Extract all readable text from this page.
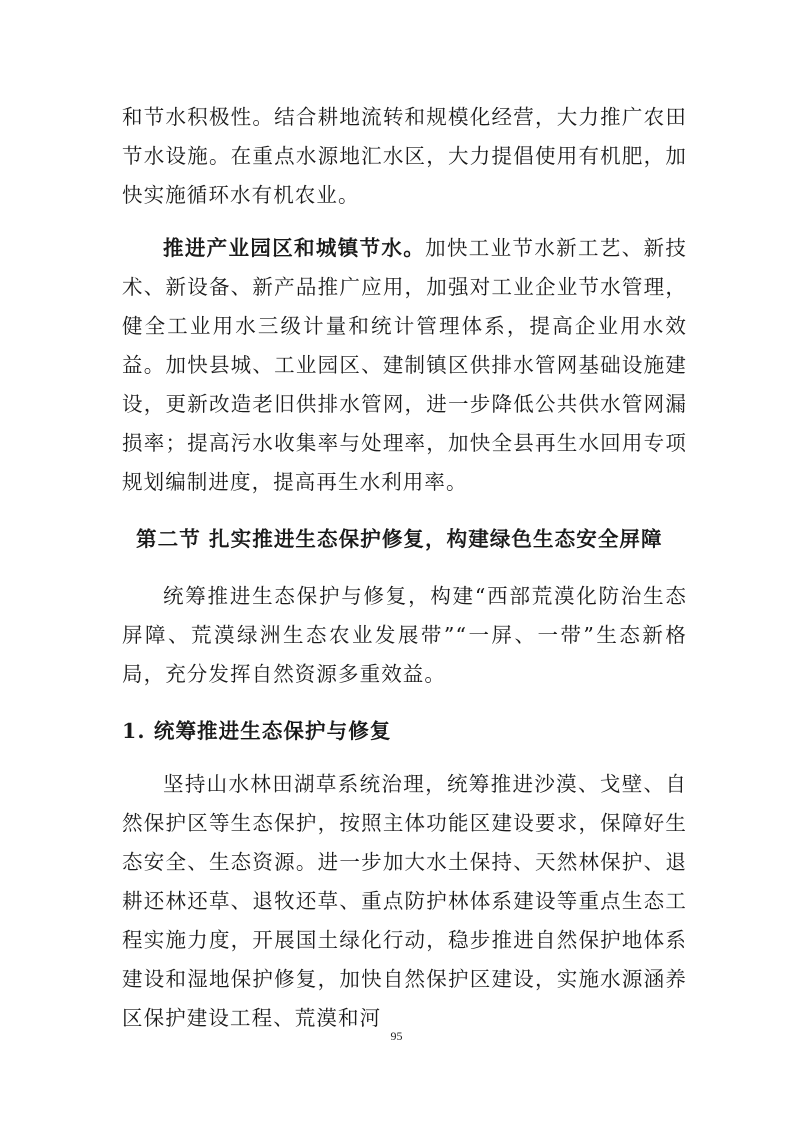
和节水积极性。结合耕地流转和规模化经营，大力推广农田节水设施。在重点水源地汇水区，大力提倡使用有机肥，加快实施循环水有机农业。

推进产业园区和城镇节水。加快工业节水新工艺、新技术、新设备、新产品推广应用，加强对工业企业节水管理，健全工业用水三级计量和统计管理体系，提高企业用水效益。加快县城、工业园区、建制镇区供排水管网基础设施建设，更新改造老旧供排水管网，进一步降低公共供水管网漏损率；提高污水收集率与处理率，加快全县再生水回用专项规划编制进度，提高再生水利用率。

第二节 扎实推进生态保护修复，构建绿色生态安全屏障

统筹推进生态保护与修复，构建“西部荒漠化防治生态屏障、荒漠绿洲生态农业发展带”“一屏、一带”生态新格局，充分发挥自然资源多重效益。

1. 统筹推进生态保护与修复

坚持山水林田湖草系统治理，统筹推进沙漠、戈壁、自然保护区等生态保护，按照主体功能区建设要求，保障好生态安全、生态资源。进一步加大水土保持、天然林保护、退耕还林还草、退牧还草、重点防护林体系建设等重点生态工程实施力度，开展国土绿化行动，稳步推进自然保护地体系建设和湿地保护修复，加快自然保护区建设，实施水源涵养区保护建设工程、荒漠和河

95
